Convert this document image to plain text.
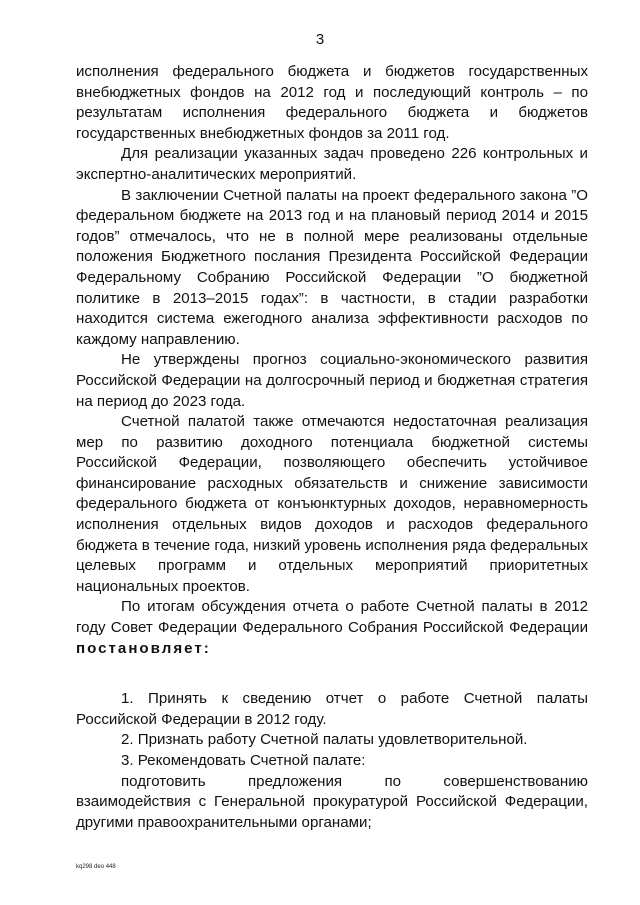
3

исполнения федерального бюджета и бюджетов государственных внебюджетных фондов на 2012 год и последующий контроль – по результатам исполнения федерального бюджета и бюджетов государственных внебюджетных фондов за 2011 год.

Для реализации указанных задач проведено 226 контрольных и экспертно-аналитических мероприятий.

В заключении Счетной палаты на проект федерального закона ”О федеральном бюджете на 2013 год и на плановый период 2014 и 2015 годов” отмечалось, что не в полной мере реализованы отдельные положения Бюджетного послания Президента Российской Федерации Федеральному Собранию Российской Федерации ”О бюджетной политике в 2013–2015 годах”: в частности, в стадии разработки находится система ежегодного анализа эффективности расходов по каждому направлению.

Не утверждены прогноз социально-экономического развития Российской Федерации на долгосрочный период и бюджетная стратегия на период до 2023 года.

Счетной палатой также отмечаются недостаточная реализация мер по развитию доходного потенциала бюджетной системы Российской Федерации, позволяющего обеспечить устойчивое финансирование расходных обязательств и снижение зависимости федерального бюджета от конъюнктурных доходов, неравномерность исполнения отдельных видов доходов и расходов федерального бюджета в течение года, низкий уровень исполнения ряда федеральных целевых программ и отдельных мероприятий приоритетных национальных проектов.

По итогам обсуждения отчета о работе Счетной палаты в 2012 году Совет Федерации Федерального Собрания Российской Федерации постановляет:

1. Принять к сведению отчет о работе Счетной палаты Российской Федерации в 2012 году.

2. Признать работу Счетной палаты удовлетворительной.

3. Рекомендовать Счетной палате:

подготовить предложения по совершенствованию взаимодействия с Генеральной прокуратурой Российской Федерации, другими правоохранительными органами;

kq298 deo 448
